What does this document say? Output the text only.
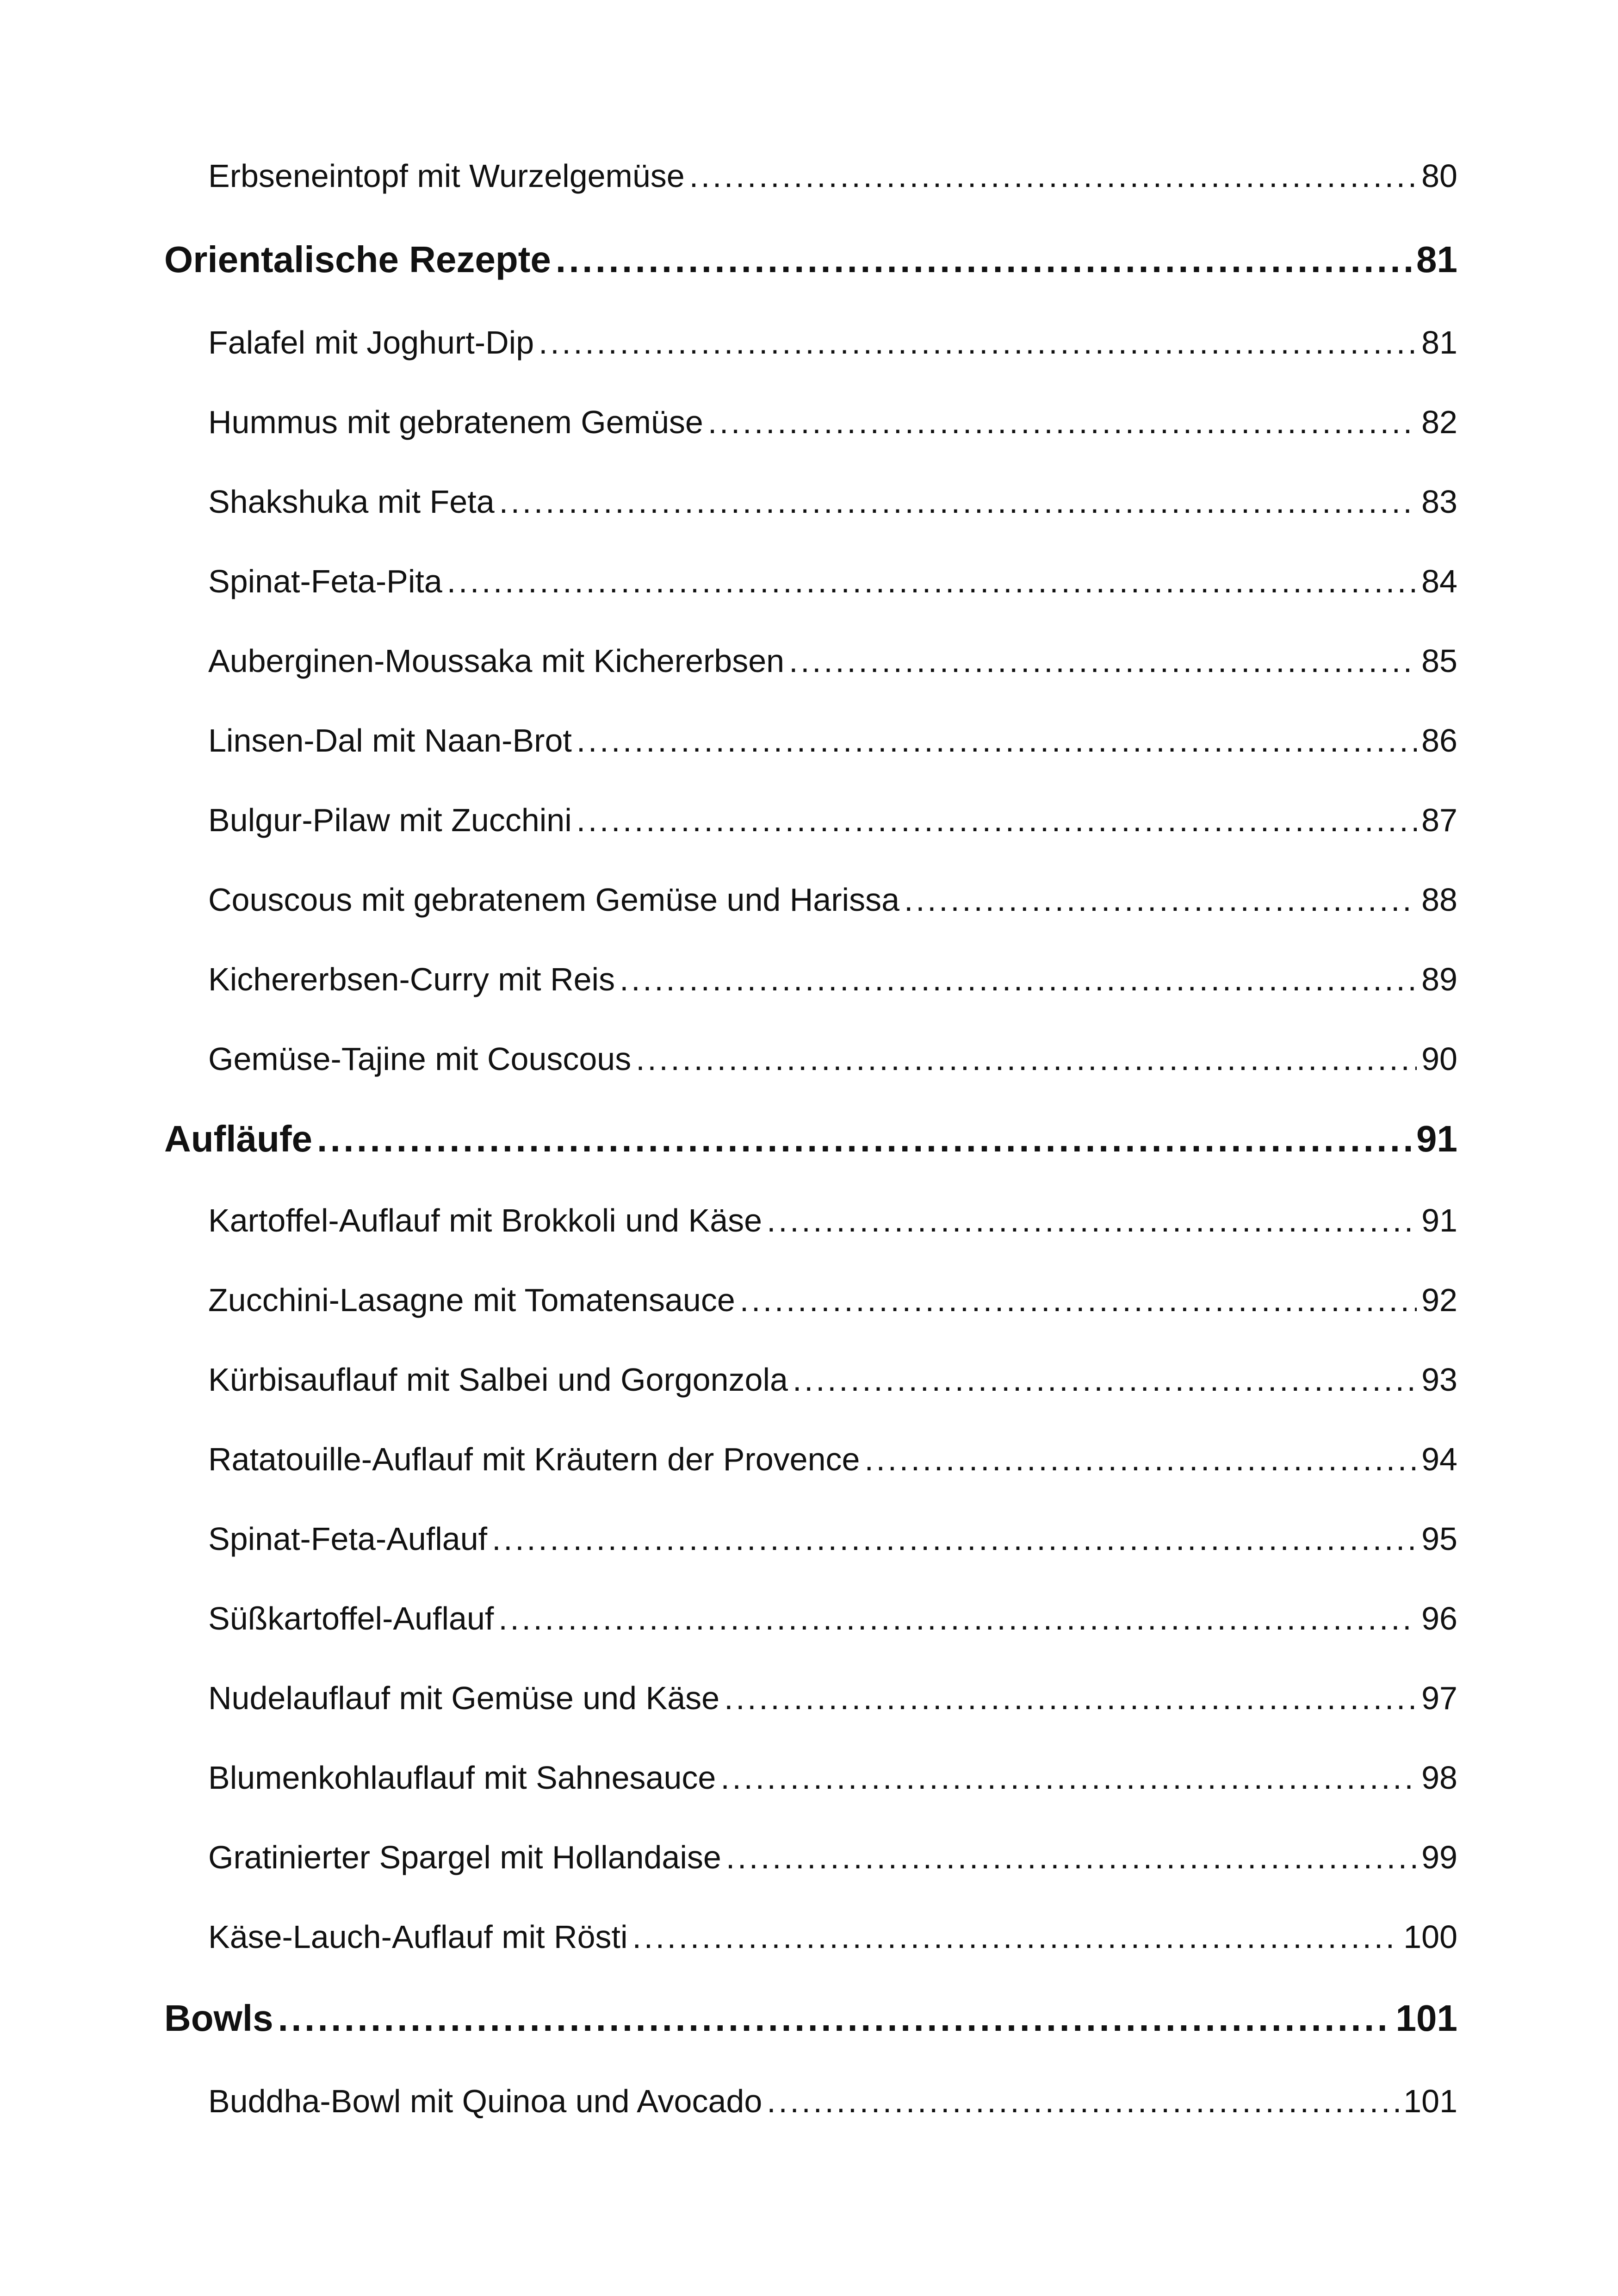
Erbseneintopf mit Wurzelgemüse .....	80
Orientalische Rezepte .....	81
Falafel mit Joghurt-Dip .....	81
Hummus mit gebratenem Gemüse .....	82
Shakshuka mit Feta .....	83
Spinat-Feta-Pita .....	84
Auberginen-Moussaka mit Kichererbsen .....	85
Linsen-Dal mit Naan-Brot .....	86
Bulgur-Pilaw mit Zucchini .....	87
Couscous mit gebratenem Gemüse und Harissa .....	88
Kichererbsen-Curry mit Reis .....	89
Gemüse-Tajine mit Couscous .....	90
Aufläufe .....	91
Kartoffel-Auflauf mit Brokkoli und Käse .....	91
Zucchini-Lasagne mit Tomatensauce .....	92
Kürbisauflauf mit Salbei und Gorgonzola .....	93
Ratatouille-Auflauf mit Kräutern der Provence .....	94
Spinat-Feta-Auflauf .....	95
Süßkartoffel-Auflauf .....	96
Nudelauflauf mit Gemüse und Käse .....	97
Blumenkohlauflauf mit Sahnesauce .....	98
Gratinierter Spargel mit Hollandaise .....	99
Käse-Lauch-Auflauf mit Rösti .....	100
Bowls .....	101
Buddha-Bowl mit Quinoa und Avocado .....	101
